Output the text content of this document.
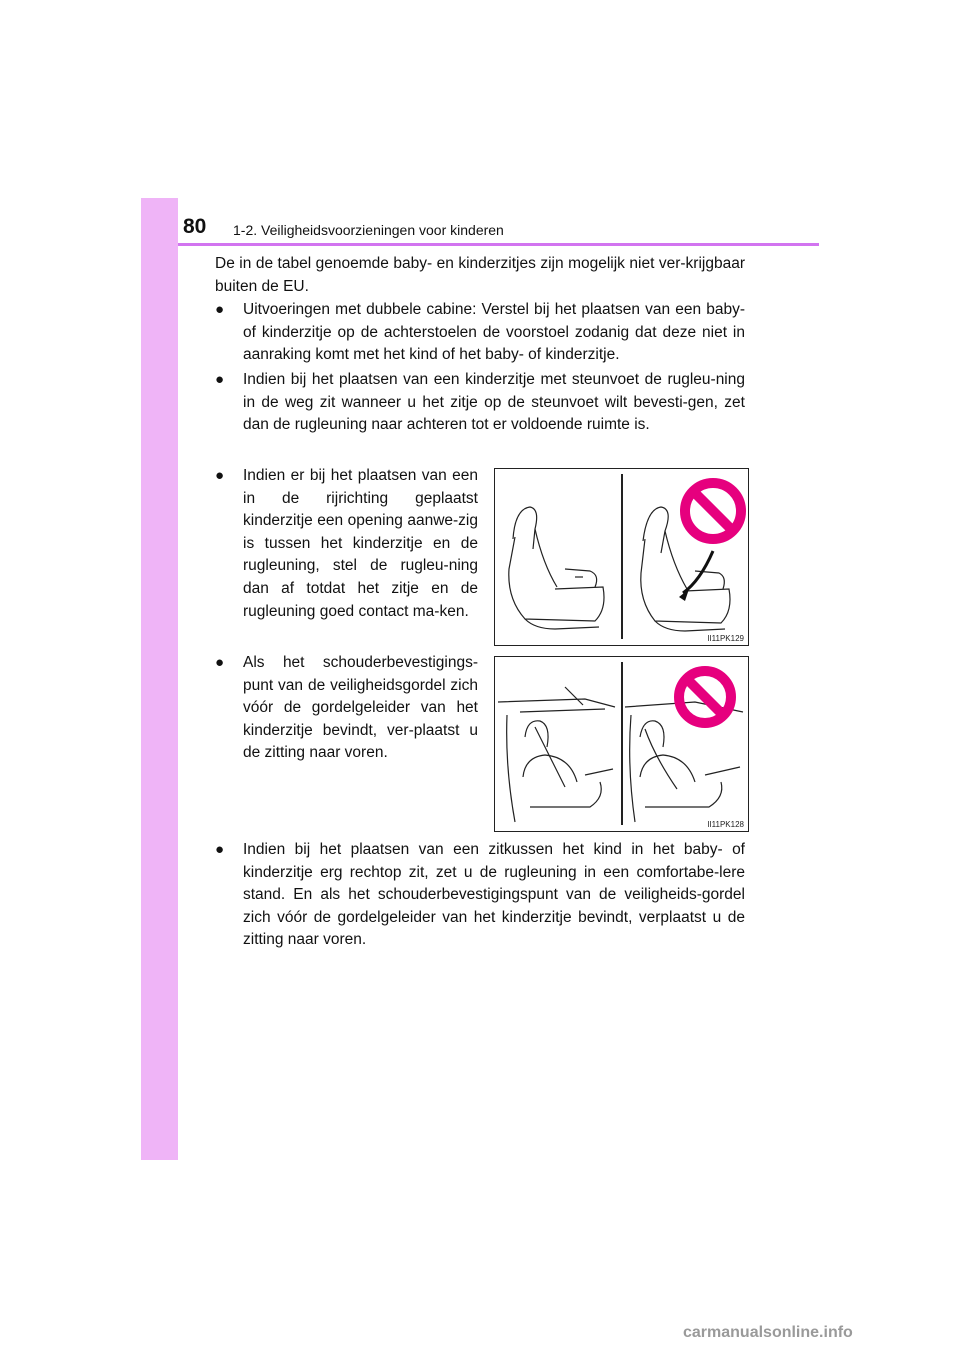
80 1-2. Veiligheidsvoorzieningen voor kinderen
De in de tabel genoemde baby- en kinderzitjes zijn mogelijk niet ver-krijgbaar buiten de EU.
● Uitvoeringen met dubbele cabine: Verstel bij het plaatsen van een baby- of kinderzitje op de achterstoelen de voorstoel zodanig dat deze niet in aanraking komt met het kind of het baby- of kinderzitje.
● Indien bij het plaatsen van een kinderzitje met steunvoet de rugleu-ning in de weg zit wanneer u het zitje op de steunvoet wilt bevesti-gen, zet dan de rugleuning naar achteren tot er voldoende ruimte is.
● Indien er bij het plaatsen van een in de rijrichting geplaatst kinderzitje een opening aanwe-zig is tussen het kinderzitje en de rugleuning, stel de rugleu-ning dan af totdat het zitje en de rugleuning goed contact ma-ken.
● Als het schouderbevestigings-punt van de veiligheidsgordel zich vóór de gordelgeleider van het kinderzitje bevindt, ver-plaatst u de zitting naar voren.
● Indien bij het plaatsen van een zitkussen het kind in het baby- of kinderzitje erg rechtop zit, zet u de rugleuning in een comfortabe-lere stand. En als het schouderbevestigingspunt van de veiligheids-gordel zich vóór de gordelgeleider van het kinderzitje bevindt, verplaatst u de zitting naar voren.
II11PK129
II11PK128
carmanualsonline.info
